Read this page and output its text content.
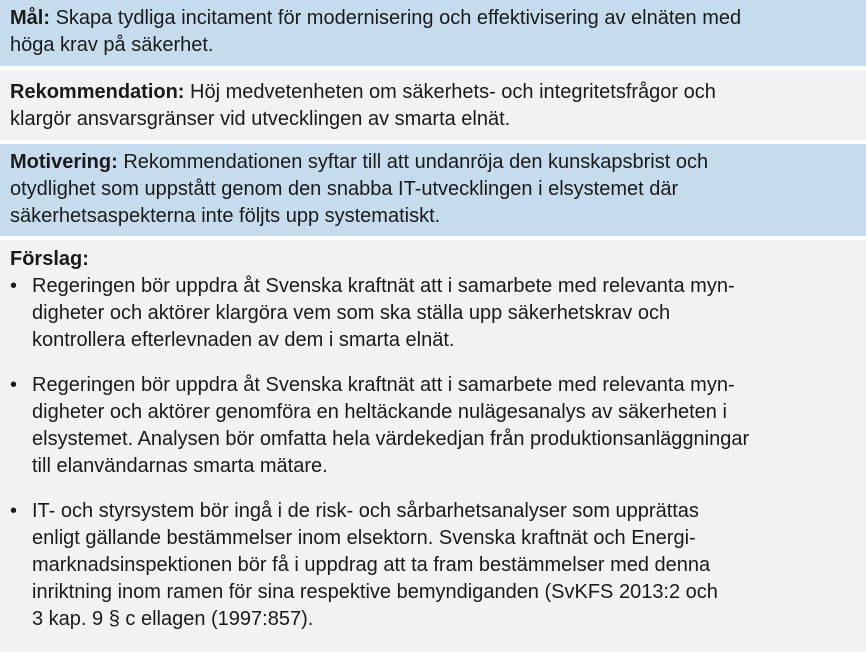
Mål: Skapa tydliga incitament för modernisering och effektivisering av elnäten med
höga krav på säkerhet.
Rekommendation: Höj medvetenheten om säkerhets- och integritetsfrågor och
klargör ansvarsgränser vid utvecklingen av smarta elnät.
Motivering: Rekommendationen syftar till att undanröja den kunskapsbrist och
otydlighet som uppstått genom den snabba IT-utvecklingen i elsystemet där
säkerhetsaspekterna inte följts upp systematiskt.
Förslag:
• Regeringen bör uppdra åt Svenska kraftnät att i samarbete med relevanta myn-
digheter och aktörer klargöra vem som ska ställa upp säkerhetskrav och
kontrollera efterlevnaden av dem i smarta elnät.
• Regeringen bör uppdra åt Svenska kraftnät att i samarbete med relevanta myn-
digheter och aktörer genomföra en heltäckande nulägesanalys av säkerheten i
elsystemet. Analysen bör omfatta hela värdekedjan från produktionsanläggningar
till elanvändarnas smarta mätare.
• IT- och styrsystem bör ingå i de risk- och sårbarhetsanalyser som upprättas
enligt gällande bestämmelser inom elsektorn. Svenska kraftnät och Energi-
marknadsinspektionen bör få i uppdrag att ta fram bestämmelser med denna
inriktning inom ramen för sina respektive bemyndiganden (SvKFS 2013:2 och
3 kap. 9 § c ellagen (1997:857).
